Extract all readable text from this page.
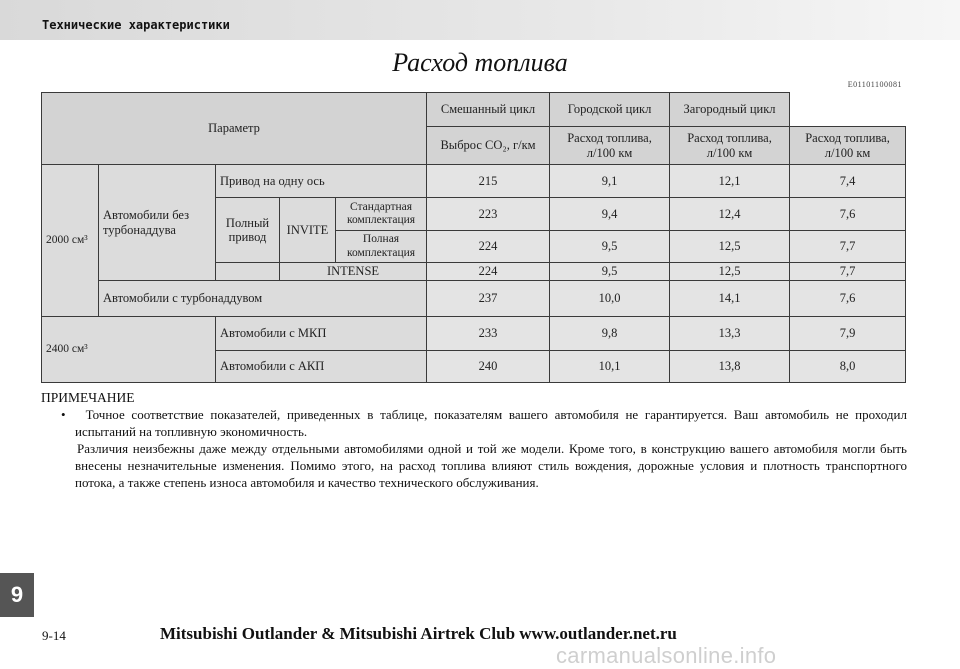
Технические характеристики
Расход топлива
E01101100081
Параметр					Смешанный цикл	Городской цикл	Загородный цикл	
					Выброс CO₂, г/км	Расход топлива, л/100 км	Расход топлива, л/100 км	Расход топлива, л/100 км
2000 см³	Автомобили без турбонаддува	Привод на одну ось			215	9,1	12,1	7,4
		Полный привод	INVITE	Стандартная комплектация	223	9,4	12,4	7,6
				Полная комплектация	224	9,5	12,5	7,7
			INTENSE		224	9,5	12,5	7,7
	Автомобили с турбонаддувом				237	10,0	14,1	7,6
2400 см³		Автомобили с МКП			233	9,8	13,3	7,9
		Автомобили с АКП			240	10,1	13,8	8,0
ПРИМЕЧАНИЕ
•   Точное соответствие показателей, приведенных в таблице, показателям вашего автомобиля не гарантируется. Ваш автомобиль не проходил испытаний на топливную экономичность.
Различия неизбежны даже между отдельными автомобилями одной и той же модели. Кроме того, в конструкцию вашего автомобиля могли быть внесены незначительные изменения. Помимо этого, на расход топлива влияют стиль вождения, дорожные условия и плотность транспортного потока, а также степень износа автомобиля и качество технического обслуживания.
9
9-14	Mitsubishi Outlander & Mitsubishi Airtrek Club www.outlander.net.ru
carmanualsonline.info
